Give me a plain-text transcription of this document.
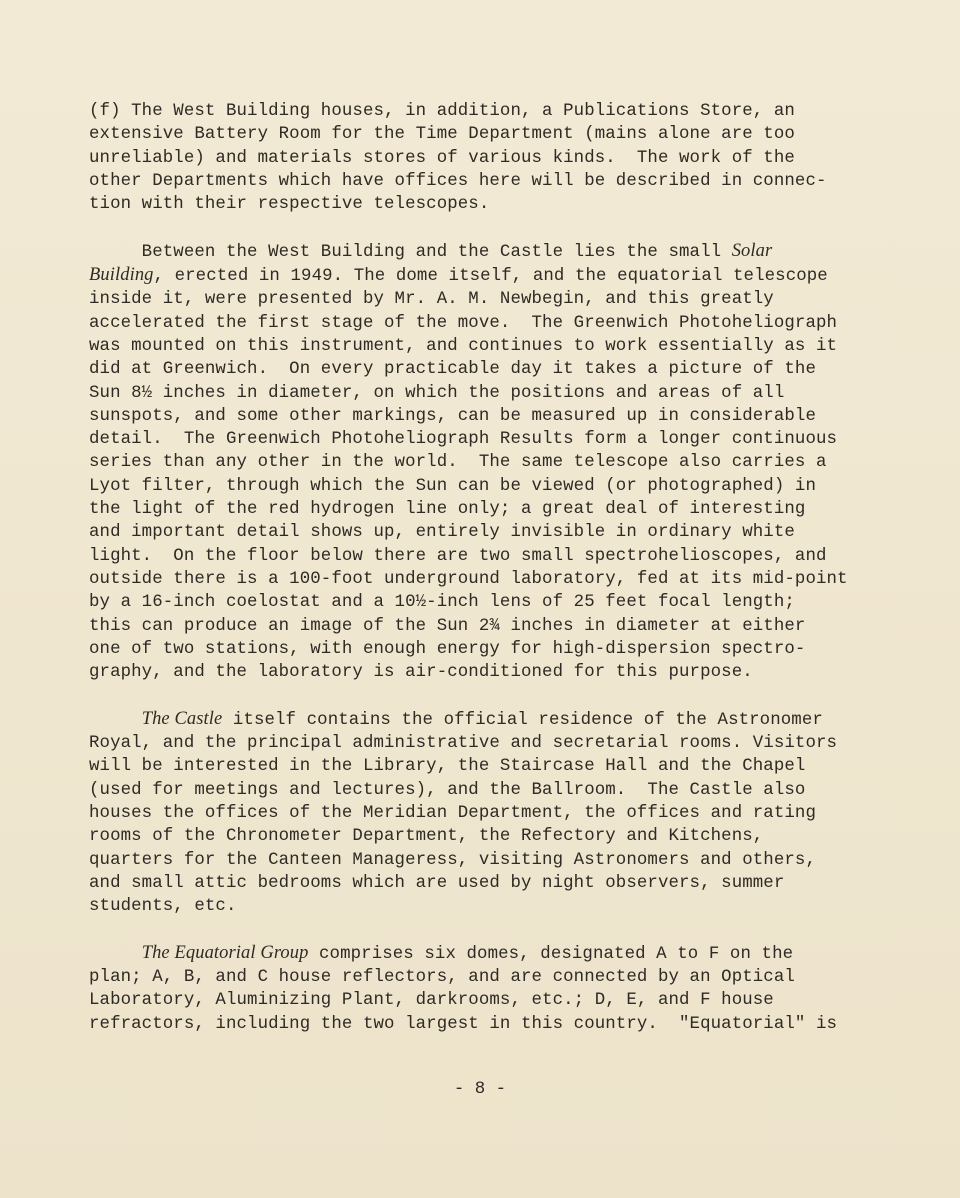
(f) The West Building houses, in addition, a Publications Store, an
extensive Battery Room for the Time Department (mains alone are too
unreliable) and materials stores of various kinds.  The work of the
other Departments which have offices here will be described in connec-
tion with their respective telescopes.
Between the West Building and the Castle lies the small Solar
Building, erected in 1949. The dome itself, and the equatorial telescope
inside it, were presented by Mr. A. M. Newbegin, and this greatly
accelerated the first stage of the move.  The Greenwich Photoheliograph
was mounted on this instrument, and continues to work essentially as it
did at Greenwich.  On every practicable day it takes a picture of the
Sun 8½ inches in diameter, on which the positions and areas of all
sunspots, and some other markings, can be measured up in considerable
detail.  The Greenwich Photoheliograph Results form a longer continuous
series than any other in the world.  The same telescope also carries a
Lyot filter, through which the Sun can be viewed (or photographed) in
the light of the red hydrogen line only; a great deal of interesting
and important detail shows up, entirely invisible in ordinary white
light.  On the floor below there are two small spectrohelioscopes, and
outside there is a 100-foot underground laboratory, fed at its mid-point
by a 16-inch coelostat and a 10½-inch lens of 25 feet focal length;
this can produce an image of the Sun 2¾ inches in diameter at either
one of two stations, with enough energy for high-dispersion spectro-
graphy, and the laboratory is air-conditioned for this purpose.
The Castle itself contains the official residence of the Astronomer
Royal, and the principal administrative and secretarial rooms. Visitors
will be interested in the Library, the Staircase Hall and the Chapel
(used for meetings and lectures), and the Ballroom.  The Castle also
houses the offices of the Meridian Department, the offices and rating
rooms of the Chronometer Department, the Refectory and Kitchens,
quarters for the Canteen Manageress, visiting Astronomers and others,
and small attic bedrooms which are used by night observers, summer
students, etc.
The Equatorial Group comprises six domes, designated A to F on the
plan; A, B, and C house reflectors, and are connected by an Optical
Laboratory, Aluminizing Plant, darkrooms, etc.; D, E, and F house
refractors, including the two largest in this country.  "Equatorial" is
- 8 -
